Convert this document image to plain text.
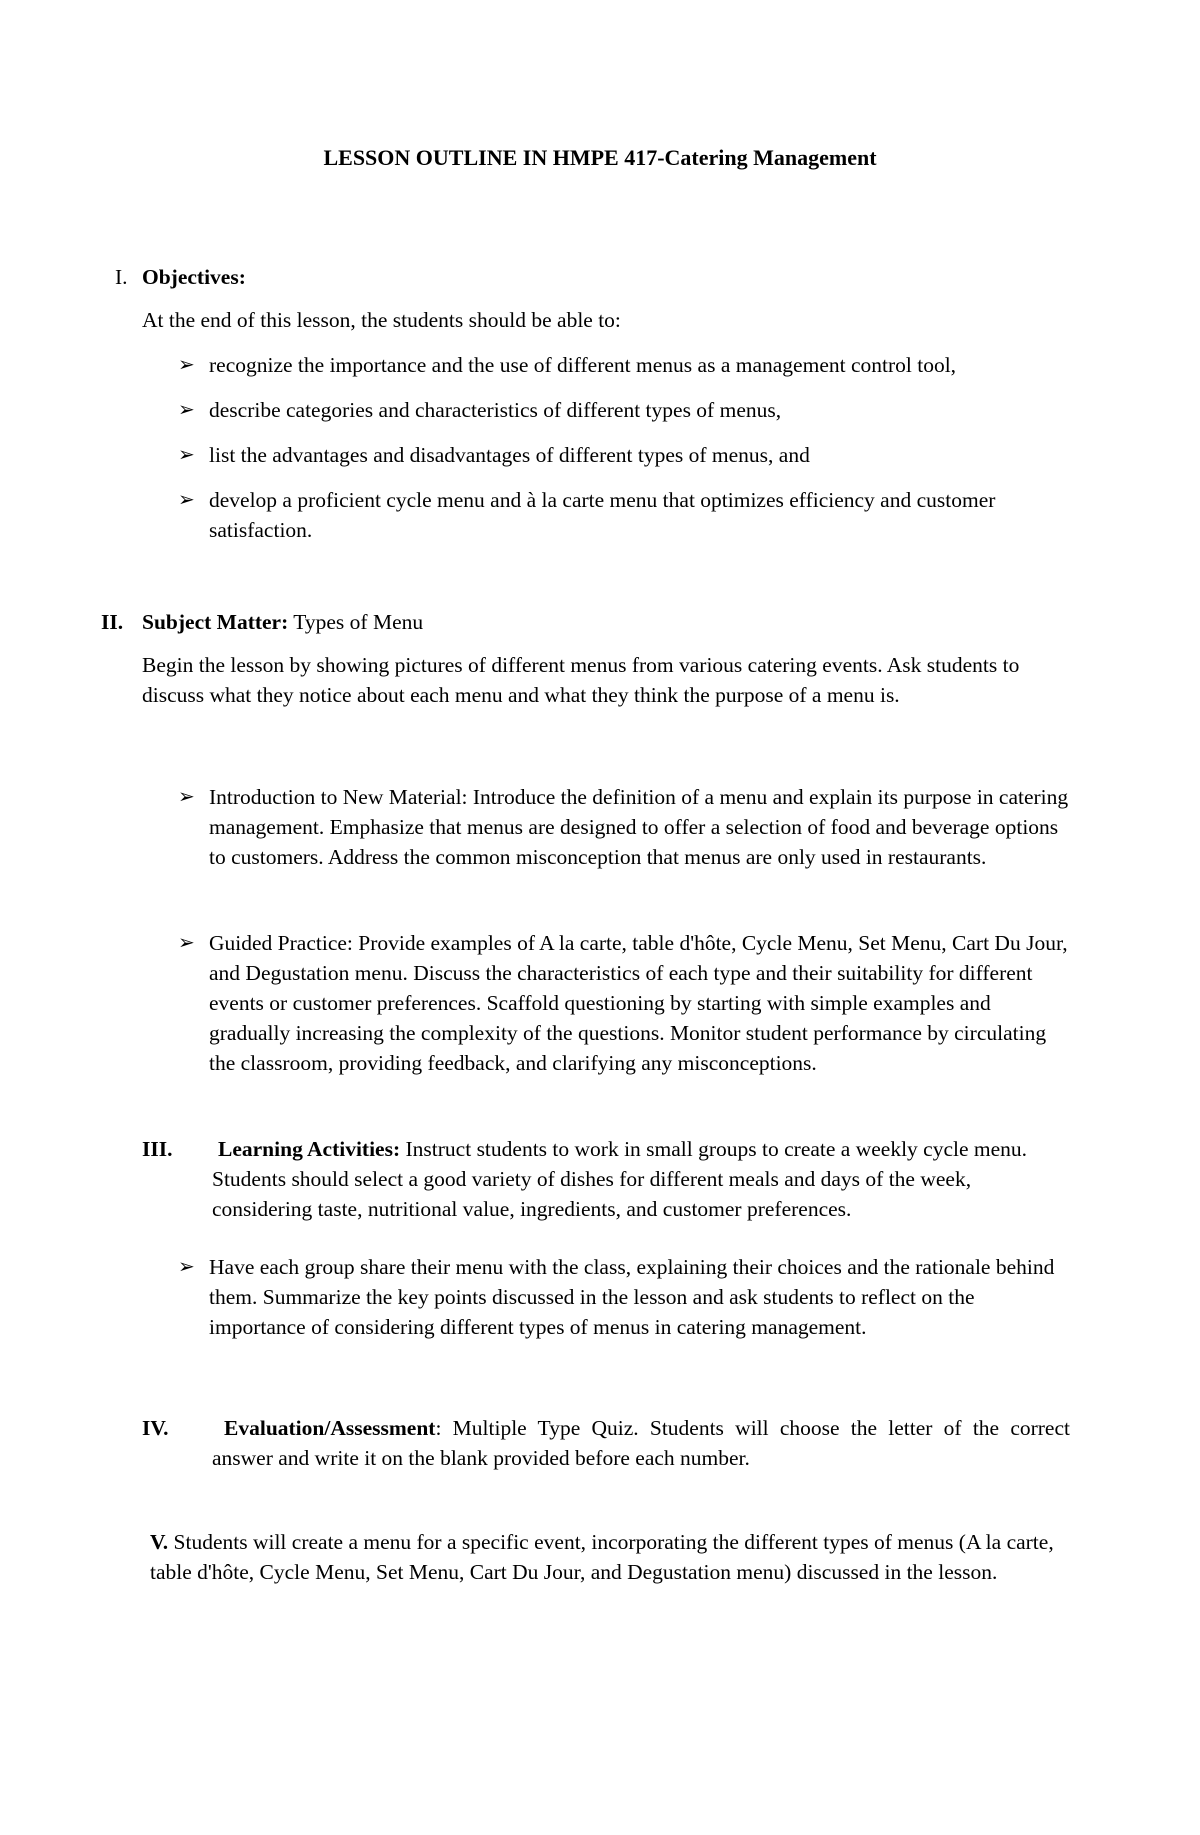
LESSON OUTLINE IN HMPE 417-Catering Management
I. Objectives:
At the end of this lesson, the students should be able to:
➢ recognize the importance and the use of different menus as a management control tool,
➢ describe categories and characteristics of different types of menus,
➢ list the advantages and disadvantages of different types of menus, and
➢ develop a proficient cycle menu and à la carte menu that optimizes efficiency and customer satisfaction.
II. Subject Matter: Types of Menu
Begin the lesson by showing pictures of different menus from various catering events. Ask students to discuss what they notice about each menu and what they think the purpose of a menu is.
➢ Introduction to New Material: Introduce the definition of a menu and explain its purpose in catering management. Emphasize that menus are designed to offer a selection of food and beverage options to customers. Address the common misconception that menus are only used in restaurants.
➢ Guided Practice: Provide examples of A la carte, table d'hôte, Cycle Menu, Set Menu, Cart Du Jour, and Degustation menu. Discuss the characteristics of each type and their suitability for different events or customer preferences. Scaffold questioning by starting with simple examples and gradually increasing the complexity of the questions. Monitor student performance by circulating the classroom, providing feedback, and clarifying any misconceptions.
III. Learning Activities: Instruct students to work in small groups to create a weekly cycle menu. Students should select a good variety of dishes for different meals and days of the week, considering taste, nutritional value, ingredients, and customer preferences.
➢ Have each group share their menu with the class, explaining their choices and the rationale behind them. Summarize the key points discussed in the lesson and ask students to reflect on the importance of considering different types of menus in catering management.
IV.	Evaluation/Assessment: Multiple Type Quiz. Students will choose the letter of the correct answer and write it on the blank provided before each number.
V. Students will create a menu for a specific event, incorporating the different types of menus (A la carte, table d'hôte, Cycle Menu, Set Menu, Cart Du Jour, and Degustation menu) discussed in the lesson.
